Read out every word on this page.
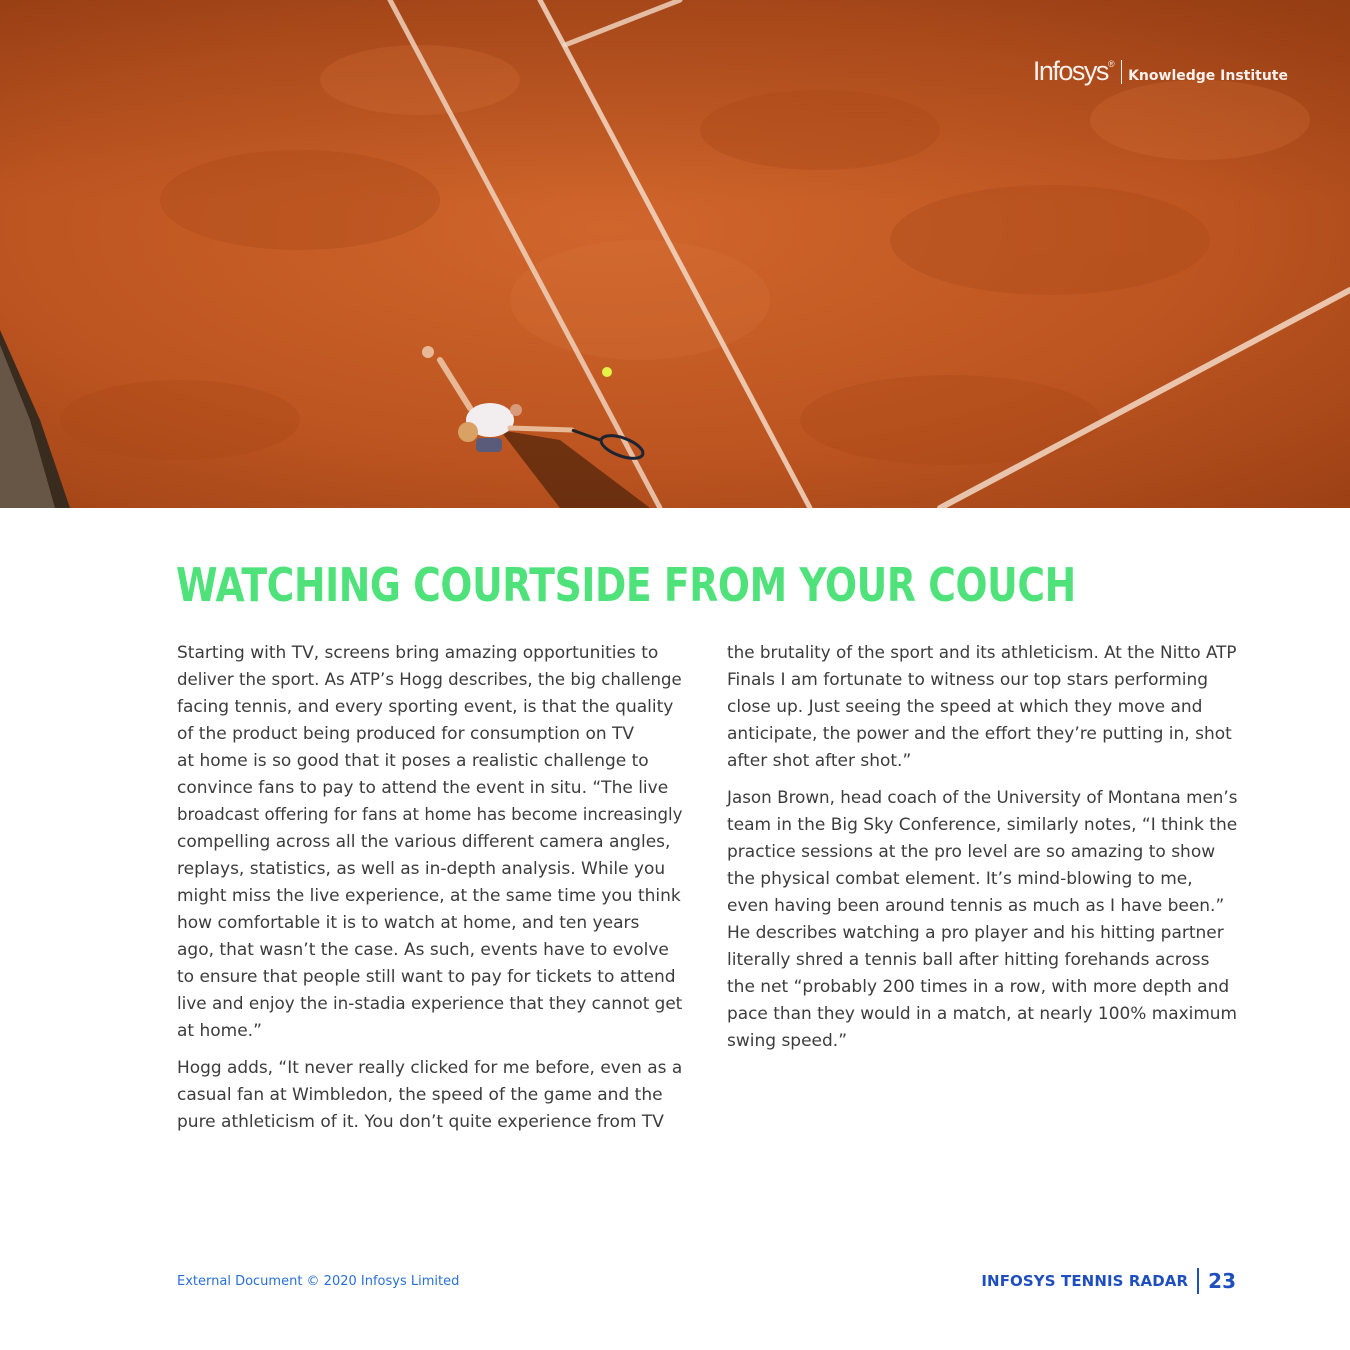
Infosys®
Knowledge Institute
WATCHING COURTSIDE FROM YOUR COUCH

Starting with TV, screens bring amazing opportunities to
deliver the sport. As ATP’s Hogg describes, the big challenge
facing tennis, and every sporting event, is that the quality
of the product being produced for consumption on TV
at home is so good that it poses a realistic challenge to
convince fans to pay to attend the event in situ. “The live
broadcast offering for fans at home has become increasingly
compelling across all the various different camera angles,
replays, statistics, as well as in-depth analysis. While you
might miss the live experience, at the same time you think
how comfortable it is to watch at home, and ten years
ago, that wasn’t the case. As such, events have to evolve
to ensure that people still want to pay for tickets to attend
live and enjoy the in-stadia experience that they cannot get
at home.”

Hogg adds, “It never really clicked for me before, even as a
casual fan at Wimbledon, the speed of the game and the
pure athleticism of it. You don’t quite experience from TV

the brutality of the sport and its athleticism. At the Nitto ATP
Finals I am fortunate to witness our top stars performing
close up. Just seeing the speed at which they move and
anticipate, the power and the effort they’re putting in, shot
after shot after shot.”

Jason Brown, head coach of the University of Montana men’s
team in the Big Sky Conference, similarly notes, “I think the
practice sessions at the pro level are so amazing to show
the physical combat element. It’s mind-blowing to me,
even having been around tennis as much as I have been.”
He describes watching a pro player and his hitting partner
literally shred a tennis ball after hitting forehands across
the net “probably 200 times in a row, with more depth and
pace than they would in a match, at nearly 100% maximum
swing speed.”

External Document © 2020 Infosys Limited	INFOSYS TENNIS RADAR 23
